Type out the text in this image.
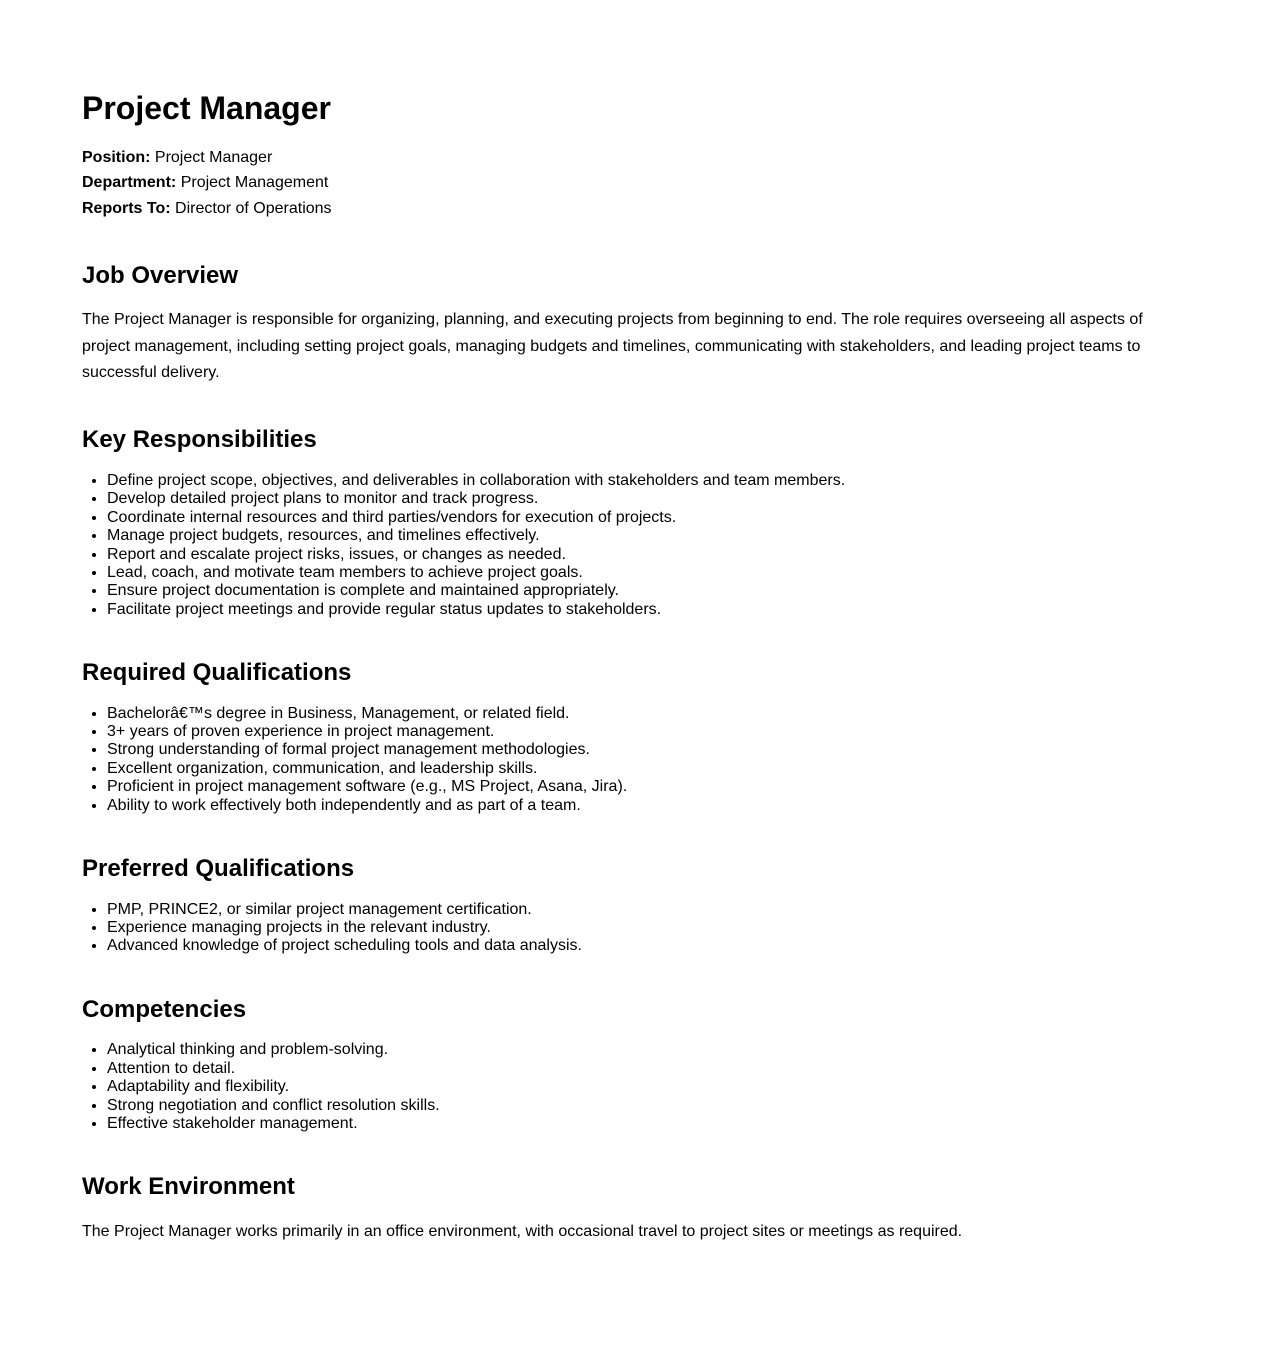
Project Manager

Position: Project Manager
Department: Project Management
Reports To: Director of Operations

Job Overview

The Project Manager is responsible for organizing, planning, and executing projects from beginning to end. The role requires overseeing all aspects of project management, including setting project goals, managing budgets and timelines, communicating with stakeholders, and leading project teams to successful delivery.

Key Responsibilities
• Define project scope, objectives, and deliverables in collaboration with stakeholders and team members.
• Develop detailed project plans to monitor and track progress.
• Coordinate internal resources and third parties/vendors for execution of projects.
• Manage project budgets, resources, and timelines effectively.
• Report and escalate project risks, issues, or changes as needed.
• Lead, coach, and motivate team members to achieve project goals.
• Ensure project documentation is complete and maintained appropriately.
• Facilitate project meetings and provide regular status updates to stakeholders.
Required Qualifications
• Bachelorâ€™s degree in Business, Management, or related field.
• 3+ years of proven experience in project management.
• Strong understanding of formal project management methodologies.
• Excellent organization, communication, and leadership skills.
• Proficient in project management software (e.g., MS Project, Asana, Jira).
• Ability to work effectively both independently and as part of a team.
Preferred Qualifications
• PMP, PRINCE2, or similar project management certification.
• Experience managing projects in the relevant industry.
• Advanced knowledge of project scheduling tools and data analysis.
Competencies
• Analytical thinking and problem-solving.
• Attention to detail.
• Adaptability and flexibility.
• Strong negotiation and conflict resolution skills.
• Effective stakeholder management.
Work Environment

The Project Manager works primarily in an office environment, with occasional travel to project sites or meetings as required.
